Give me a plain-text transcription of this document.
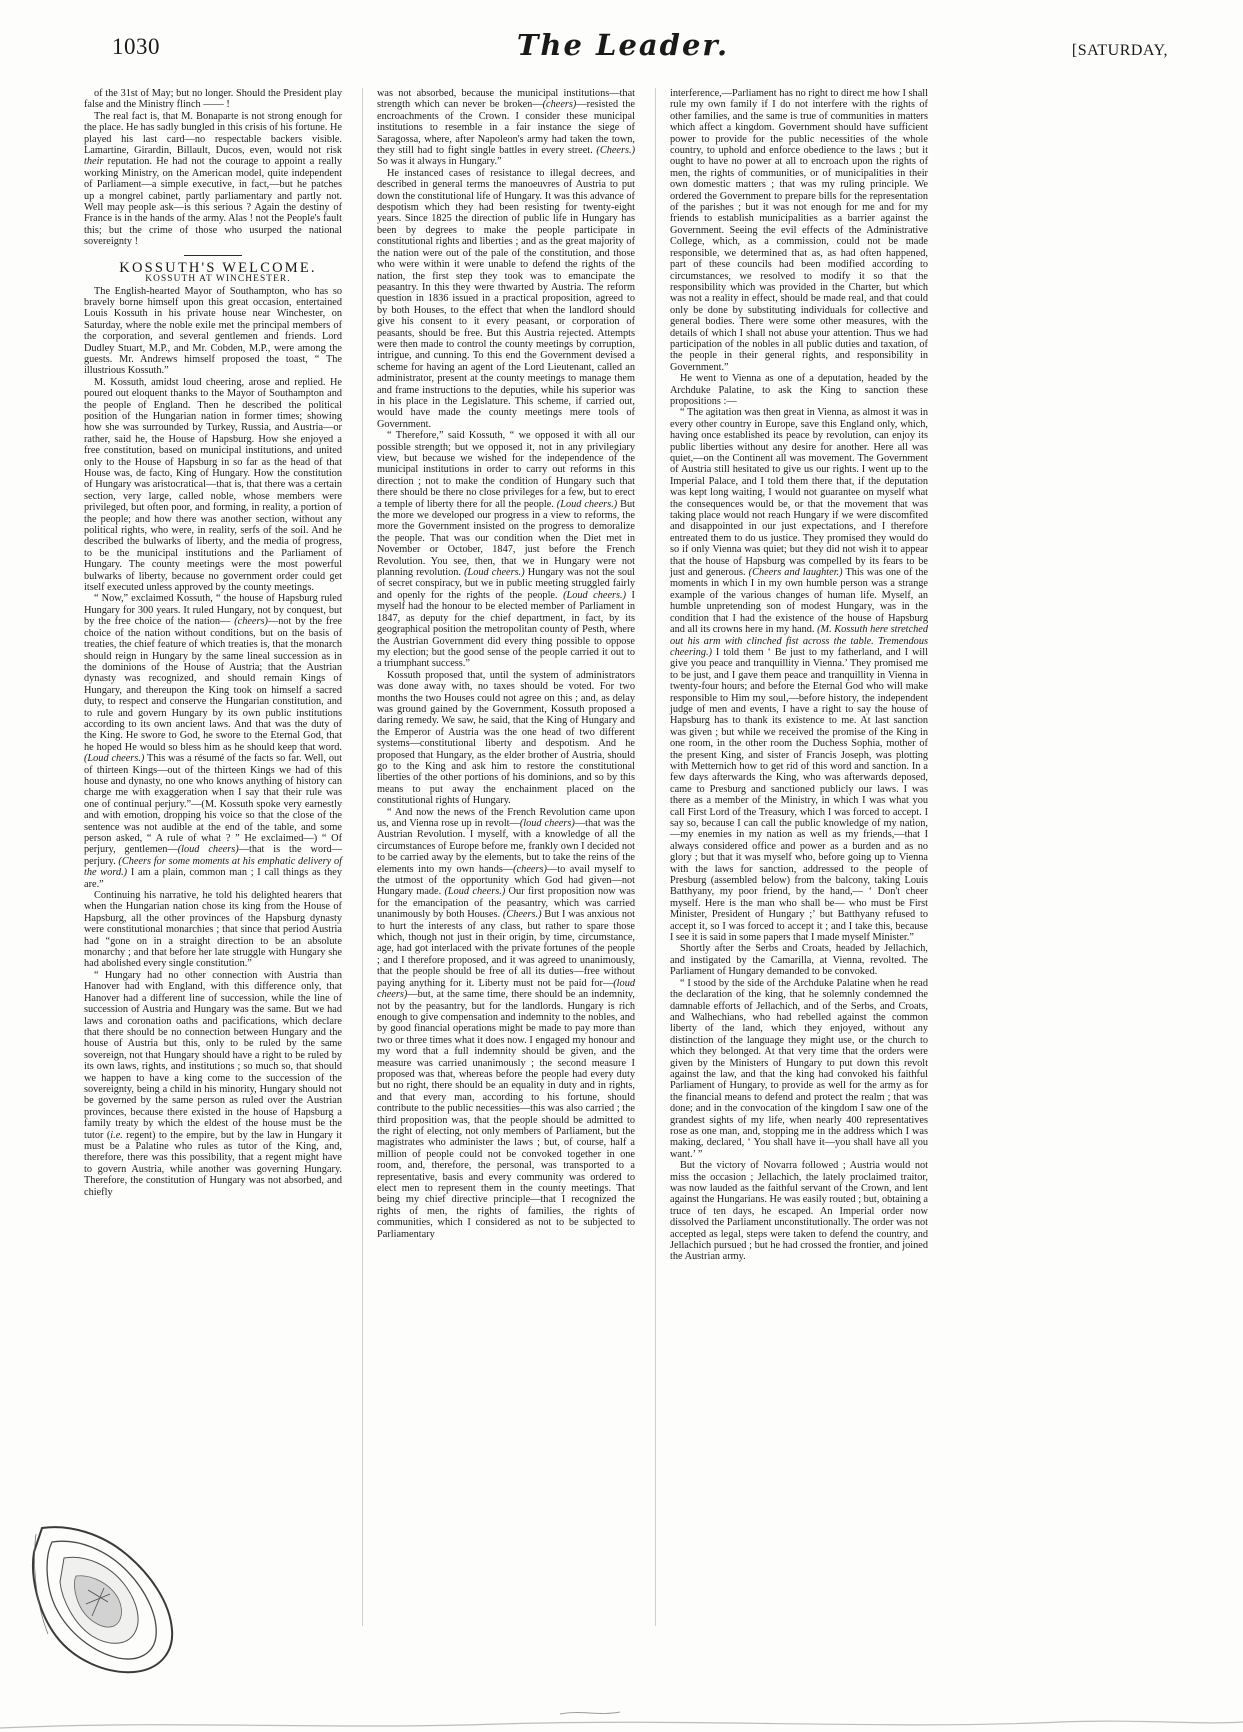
1030	The Leader.	[SATURDAY,

of the 31st of May; but no longer. Should the President play false and the Ministry flinch —— !

The real fact is, that M. Bonaparte is not strong enough for the place. He has sadly bungled in this crisis of his fortune. He played his last card—no respectable backers visible. Lamartine, Girardin, Billault, Ducos, even, would not risk their reputation. He had not the courage to appoint a really working Ministry, on the American model, quite independent of Parliament—a simple executive, in fact,—but he patches up a mongrel cabinet, partly parliamentary and partly not. Well may people ask—is this serious ? Again the destiny of France is in the hands of the army. Alas ! not the People's fault this; but the crime of those who usurped the national sovereignty !

KOSSUTH'S WELCOME.

KOSSUTH AT WINCHESTER.

The English-hearted Mayor of Southampton, who has so bravely borne himself upon this great occasion, entertained Louis Kossuth in his private house near Winchester, on Saturday, where the noble exile met the principal members of the corporation, and several gentlemen and friends. Lord Dudley Stuart, M.P., and Mr. Cobden, M.P., were among the guests. Mr. Andrews himself proposed the toast, “ The illustrious Kossuth.”

M. Kossuth, amidst loud cheering, arose and replied. He poured out eloquent thanks to the Mayor of Southampton and the people of England. Then he described the political position of the Hungarian nation in former times; showing how she was surrounded by Turkey, Russia, and Austria—or rather, said he, the House of Hapsburg. How she enjoyed a free constitution, based on municipal institutions, and united only to the House of Hapsburg in so far as the head of that House was, de facto, King of Hungary. How the constitution of Hungary was aristocratical—that is, that there was a certain section, very large, called noble, whose members were privileged, but often poor, and forming, in reality, a portion of the people; and how there was another section, without any political rights, who were, in reality, serfs of the soil. And he described the bulwarks of liberty, and the media of progress, to be the municipal institutions and the Parliament of Hungary. The county meetings were the most powerful bulwarks of liberty, because no government order could get itself executed unless approved by the county meetings.

“ Now,” exclaimed Kossuth, “ the house of Hapsburg ruled Hungary for 300 years. It ruled Hungary, not by conquest, but by the free choice of the nation— (cheers)—not by the free choice of the nation without conditions, but on the basis of treaties, the chief feature of which treaties is, that the monarch should reign in Hungary by the same lineal succession as in the dominions of the House of Austria; that the Austrian dynasty was recognized, and should remain Kings of Hungary, and thereupon the King took on himself a sacred duty, to respect and conserve the Hungarian constitution, and to rule and govern Hungary by its own public institutions according to its own ancient laws. And that was the duty of the King. He swore to God, he swore to the Eternal God, that he hoped He would so bless him as he should keep that word. (Loud cheers.) This was a résumé of the facts so far. Well, out of thirteen Kings—out of the thirteen Kings we had of this house and dynasty, no one who knows anything of history can charge me with exaggeration when I say that their rule was one of continual perjury.”—(M. Kossuth spoke very earnestly and with emotion, dropping his voice so that the close of the sentence was not audible at the end of the table, and some person asked, “ A rule of what ? ” He exclaimed—) “ Of perjury, gentlemen—(loud cheers)—that is the word—perjury. (Cheers for some moments at his emphatic delivery of the word.) I am a plain, common man ; I call things as they are.”

Continuing his narrative, he told his delighted hearers that when the Hungarian nation chose its king from the House of Hapsburg, all the other provinces of the Hapsburg dynasty were constitutional monarchies ; that since that period Austria had “gone on in a straight direction to be an absolute monarchy ; and that before her late struggle with Hungary she had abolished every single constitution.”

“ Hungary had no other connection with Austria than Hanover had with England, with this difference only, that Hanover had a different line of succession, while the line of succession of Austria and Hungary was the same. But we had laws and coronation oaths and pacifications, which declare that there should be no connection between Hungary and the house of Austria but this, only to be ruled by the same sovereign, not that Hungary should have a right to be ruled by its own laws, rights, and institutions ; so much so, that should we happen to have a king come to the succession of the sovereignty, being a child in his minority, Hungary should not be governed by the same person as ruled over the Austrian provinces, because there existed in the house of Hapsburg a family treaty by which the eldest of the house must be the tutor (i.e. regent) to the empire, but by the law in Hungary it must be a Palatine who rules as tutor of the King, and, therefore, there was this possibility, that a regent might have to govern Austria, while another was governing Hungary. Therefore, the constitution of Hungary was not absorbed, and chiefly

was not absorbed, because the municipal institutions—that strength which can never be broken—(cheers)—resisted the encroachments of the Crown. I consider these municipal institutions to resemble in a fair instance the siege of Saragossa, where, after Napoleon's army had taken the town, they still had to fight single battles in every street. (Cheers.) So was it always in Hungary.”

He instanced cases of resistance to illegal decrees, and described in general terms the manoeuvres of Austria to put down the constitutional life of Hungary. It was this advance of despotism which they had been resisting for twenty-eight years. Since 1825 the direction of public life in Hungary has been by degrees to make the people participate in constitutional rights and liberties ; and as the great majority of the nation were out of the pale of the constitution, and those who were within it were unable to defend the rights of the nation, the first step they took was to emancipate the peasantry. In this they were thwarted by Austria. The reform question in 1836 issued in a practical proposition, agreed to by both Houses, to the effect that when the landlord should give his consent to it every peasant, or corporation of peasants, should be free. But this Austria rejected. Attempts were then made to control the county meetings by corruption, intrigue, and cunning. To this end the Government devised a scheme for having an agent of the Lord Lieutenant, called an administrator, present at the county meetings to manage them and frame instructions to the deputies, while his superior was in his place in the Legislature. This scheme, if carried out, would have made the county meetings mere tools of Government.

“ Therefore,” said Kossuth, “ we opposed it with all our possible strength; but we opposed it, not in any privilegiary view, but because we wished for the independence of the municipal institutions in order to carry out reforms in this direction ; not to make the condition of Hungary such that there should be there no close privileges for a few, but to erect a temple of liberty there for all the people. (Loud cheers.) But the more we developed our progress in a view to reforms, the more the Government insisted on the progress to demoralize the people. That was our condition when the Diet met in November or October, 1847, just before the French Revolution. You see, then, that we in Hungary were not planning revolution. (Loud cheers.) Hungary was not the soul of secret conspiracy, but we in public meeting struggled fairly and openly for the rights of the people. (Loud cheers.) I myself had the honour to be elected member of Parliament in 1847, as deputy for the chief department, in fact, by its geographical position the metropolitan county of Pesth, where the Austrian Government did every thing possible to oppose my election; but the good sense of the people carried it out to a triumphant success.”

Kossuth proposed that, until the system of administrators was done away with, no taxes should be voted. For two months the two Houses could not agree on this ; and, as delay was ground gained by the Government, Kossuth proposed a daring remedy. We saw, he said, that the King of Hungary and the Emperor of Austria was the one head of two different systems—constitutional liberty and despotism. And he proposed that Hungary, as the elder brother of Austria, should go to the King and ask him to restore the constitutional liberties of the other portions of his dominions, and so by this means to put away the enchainment placed on the constitutional rights of Hungary.

“ And now the news of the French Revolution came upon us, and Vienna rose up in revolt—(loud cheers)—that was the Austrian Revolution. I myself, with a knowledge of all the circumstances of Europe before me, frankly own I decided not to be carried away by the elements, but to take the reins of the elements into my own hands—(cheers)—to avail myself to the utmost of the opportunity which God had given—not Hungary made. (Loud cheers.) Our first proposition now was for the emancipation of the peasantry, which was carried unanimously by both Houses. (Cheers.) But I was anxious not to hurt the interests of any class, but rather to spare those which, though not just in their origin, by time, circumstance, age, had got interlaced with the private fortunes of the people ; and I therefore proposed, and it was agreed to unanimously, that the people should be free of all its duties—free without paying anything for it. Liberty must not be paid for—(loud cheers)—but, at the same time, there should be an indemnity, not by the peasantry, but for the landlords. Hungary is rich enough to give compensation and indemnity to the nobles, and by good financial operations might be made to pay more than two or three times what it does now. I engaged my honour and my word that a full indemnity should be given, and the measure was carried unanimously ; the second measure I proposed was that, whereas before the people had every duty but no right, there should be an equality in duty and in rights, and that every man, according to his fortune, should contribute to the public necessities—this was also carried ; the third proposition was, that the people should be admitted to the right of electing, not only members of Parliament, but the magistrates who administer the laws ; but, of course, half a million of people could not be convoked together in one room, and, therefore, the personal, was transported to a representative, basis and every community was ordered to elect men to represent them in the county meetings. That being my chief directive principle—that I recognized the rights of men, the rights of families, the rights of communities, which I considered as not to be subjected to Parliamentary

interference,—Parliament has no right to direct me how I shall rule my own family if I do not interfere with the rights of other families, and the same is true of communities in matters which affect a kingdom. Government should have sufficient power to provide for the public necessities of the whole country, to uphold and enforce obedience to the laws ; but it ought to have no power at all to encroach upon the rights of men, the rights of communities, or of municipalities in their own domestic matters ; that was my ruling principle. We ordered the Government to prepare bills for the representation of the parishes ; but it was not enough for me and for my friends to establish municipalities as a barrier against the Government. Seeing the evil effects of the Administrative College, which, as a commission, could not be made responsible, we determined that as, as had often happened, part of these councils had been modified according to circumstances, we resolved to modify it so that the responsibility which was provided in the Charter, but which was not a reality in effect, should be made real, and that could only be done by substituting individuals for collective and general bodies. There were some other measures, with the details of which I shall not abuse your attention. Thus we had participation of the nobles in all public duties and taxation, of the people in their general rights, and responsibility in Government.”

He went to Vienna as one of a deputation, headed by the Archduke Palatine, to ask the King to sanction these propositions :—

“ The agitation was then great in Vienna, as almost it was in every other country in Europe, save this England only, which, having once established its peace by revolution, can enjoy its public liberties without any desire for another. Here all was quiet,—on the Continent all was movement. The Government of Austria still hesitated to give us our rights. I went up to the Imperial Palace, and I told them there that, if the deputation was kept long waiting, I would not guarantee on myself what the consequences would be, or that the movement that was taking place would not reach Hungary if we were discomfited and disappointed in our just expectations, and I therefore entreated them to do us justice. They promised they would do so if only Vienna was quiet; but they did not wish it to appear that the house of Hapsburg was compelled by its fears to be just and generous. (Cheers and laughter.) This was one of the moments in which I in my own humble person was a strange example of the various changes of human life. Myself, an humble unpretending son of modest Hungary, was in the condition that I had the existence of the house of Hapsburg and all its crowns here in my hand. (M. Kossuth here stretched out his arm with clinched fist across the table. Tremendous cheering.) I told them ‘ Be just to my fatherland, and I will give you peace and tranquillity in Vienna.’ They promised me to be just, and I gave them peace and tranquillity in Vienna in twenty-four hours; and before the Eternal God who will make responsible to Him my soul,—before history, the independent judge of men and events, I have a right to say the house of Hapsburg has to thank its existence to me. At last sanction was given ; but while we received the promise of the King in one room, in the other room the Duchess Sophia, mother of the present King, and sister of Francis Joseph, was plotting with Metternich how to get rid of this word and sanction. In a few days afterwards the King, who was afterwards deposed, came to Presburg and sanctioned publicly our laws. I was there as a member of the Ministry, in which I was what you call First Lord of the Treasury, which I was forced to accept. I say so, because I can call the public knowledge of my nation,—my enemies in my nation as well as my friends,—that I always considered office and power as a burden and as no glory ; but that it was myself who, before going up to Vienna with the laws for sanction, addressed to the people of Presburg (assembled below) from the balcony, taking Louis Batthyany, my poor friend, by the hand,— ‘ Don't cheer myself. Here is the man who shall be— who must be First Minister, President of Hungary ;’ but Batthyany refused to accept it, so I was forced to accept it ; and I take this, because I see it is said in some papers that I made myself Minister.”

Shortly after the Serbs and Croats, headed by Jellachich, and instigated by the Camarilla, at Vienna, revolted. The Parliament of Hungary demanded to be convoked.

“ I stood by the side of the Archduke Palatine when he read the declaration of the king, that he solemnly condemned the damnable efforts of Jellachich, and of the Serbs, and Croats, and Walhechians, who had rebelled against the common liberty of the land, which they enjoyed, without any distinction of the language they might use, or the church to which they belonged. At that very time that the orders were given by the Ministers of Hungary to put down this revolt against the law, and that the king had convoked his faithful Parliament of Hungary, to provide as well for the army as for the financial means to defend and protect the realm ; that was done; and in the convocation of the kingdom I saw one of the grandest sights of my life, when nearly 400 representatives rose as one man, and, stopping me in the address which I was making, declared, ‘ You shall have it—you shall have all you want.’ ”

But the victory of Novarra followed ; Austria would not miss the occasion ; Jellachich, the lately proclaimed traitor, was now lauded as the faithful servant of the Crown, and lent against the Hungarians. He was easily routed ; but, obtaining a truce of ten days, he escaped. An Imperial order now dissolved the Parliament unconstitutionally. The order was not accepted as legal, steps were taken to defend the country, and Jellachich pursued ; but he had crossed the frontier, and joined the Austrian army.
